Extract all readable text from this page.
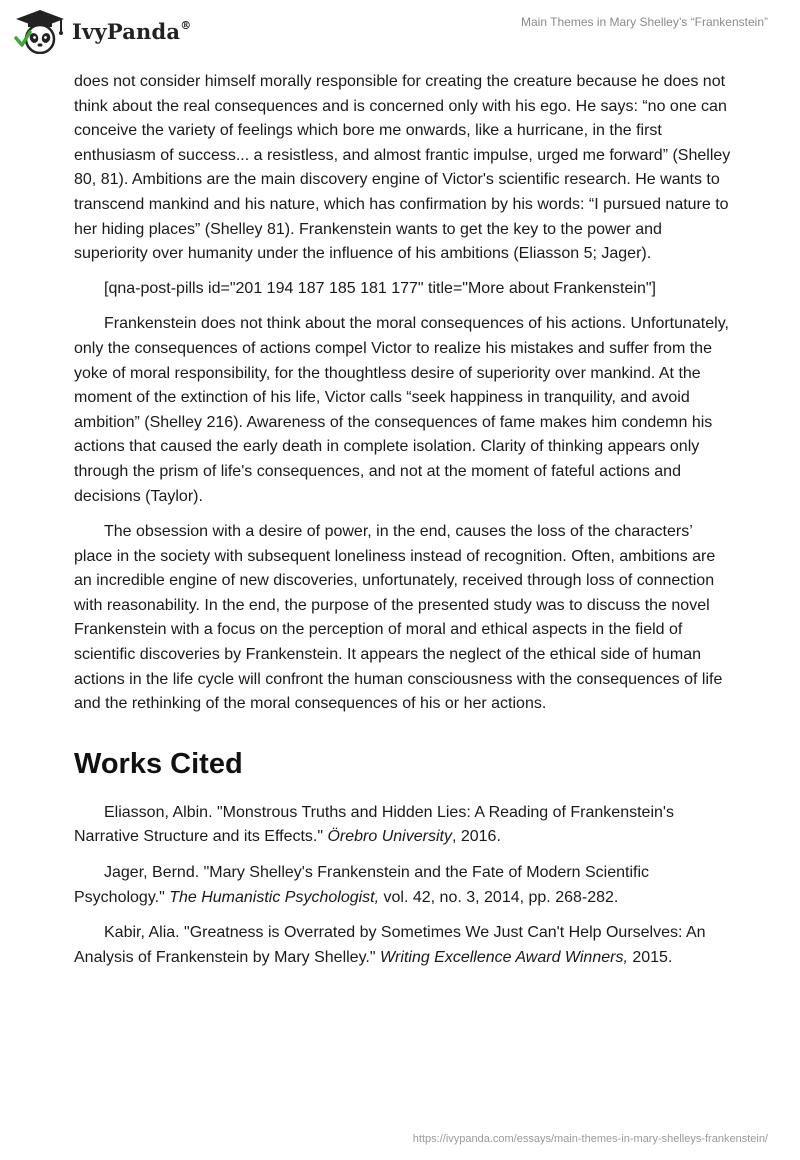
IvyPanda®	Main Themes in Mary Shelley’s “Frankenstein”

does not consider himself morally responsible for creating the creature because he does not think about the real consequences and is concerned only with his ego. He says: “no one can conceive the variety of feelings which bore me onwards, like a hurricane, in the first enthusiasm of success... a resistless, and almost frantic impulse, urged me forward” (Shelley 80, 81). Ambitions are the main discovery engine of Victor's scientific research. He wants to transcend mankind and his nature, which has confirmation by his words: “I pursued nature to her hiding places” (Shelley 81). Frankenstein wants to get the key to the power and superiority over humanity under the influence of his ambitions (Eliasson 5; Jager).

[qna-post-pills id="201 194 187 185 181 177" title="More about Frankenstein"]

Frankenstein does not think about the moral consequences of his actions. Unfortunately, only the consequences of actions compel Victor to realize his mistakes and suffer from the yoke of moral responsibility, for the thoughtless desire of superiority over mankind. At the moment of the extinction of his life, Victor calls “seek happiness in tranquility, and avoid ambition” (Shelley 216). Awareness of the consequences of fame makes him condemn his actions that caused the early death in complete isolation. Clarity of thinking appears only through the prism of life's consequences, and not at the moment of fateful actions and decisions (Taylor).

The obsession with a desire of power, in the end, causes the loss of the characters’ place in the society with subsequent loneliness instead of recognition. Often, ambitions are an incredible engine of new discoveries, unfortunately, received through loss of connection with reasonability. In the end, the purpose of the presented study was to discuss the novel Frankenstein with a focus on the perception of moral and ethical aspects in the field of scientific discoveries by Frankenstein. It appears the neglect of the ethical side of human actions in the life cycle will confront the human consciousness with the consequences of life and the rethinking of the moral consequences of his or her actions.

Works Cited
Eliasson, Albin. "Monstrous Truths and Hidden Lies: A Reading of Frankenstein's Narrative Structure and its Effects." Örebro University, 2016.
Jager, Bernd. "Mary Shelley's Frankenstein and the Fate of Modern Scientific Psychology." The Humanistic Psychologist, vol. 42, no. 3, 2014, pp. 268-282.
Kabir, Alia. "Greatness is Overrated by Sometimes We Just Can't Help Ourselves: An Analysis of Frankenstein by Mary Shelley." Writing Excellence Award Winners, 2015.
https://ivypanda.com/essays/main-themes-in-mary-shelleys-frankenstein/
